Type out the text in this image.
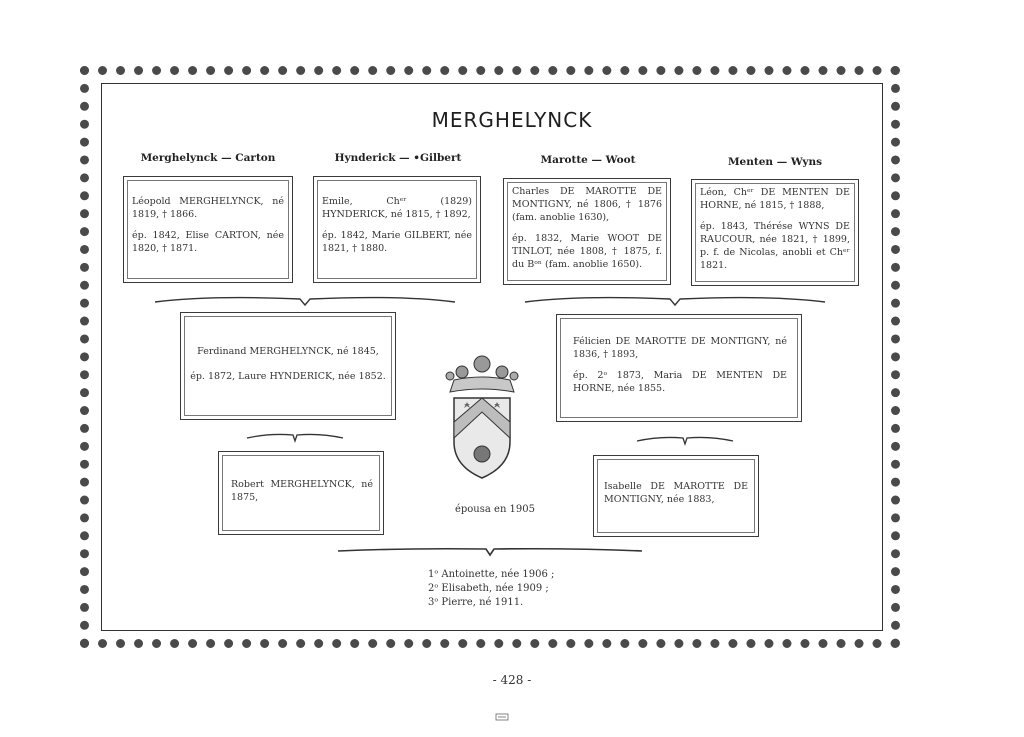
MERGHELYNCK
Merghelynck — Carton	Hynderick — •Gilbert	Marotte — Woot	Menten — Wyns

Léopold MERGHELYNCK, né 1819, † 1866.

ép. 1842, Elise CARTON, née 1820, † 1871.

Emile, Chᵉʳ (1829) HYNDERICK, né 1815, † 1892,

ép. 1842, Marie GILBERT, née 1821, † 1880.

Charles DE MAROTTE DE MONTIGNY, né 1806, † 1876 (fam. anoblie 1630),

ép. 1832, Marie WOOT DE TINLOT, née 1808, † 1875, f. du Bᵒⁿ (fam. anoblie 1650).

Léon, Chᵉʳ DE MENTEN DE HORNE, né 1815, † 1888,

ép. 1843, Thérése WYNS DE RAUCOUR, née 1821, † 1899, p. f. de Nicolas, anobli et Chᵉʳ 1821.

Ferdinand MERGHELYNCK, né 1845,

ép. 1872, Laure HYNDERICK, née 1852.

Félicien DE MAROTTE DE MONTIGNY, né 1836, † 1893,

ép. 2ᵒ 1873, Maria DE MENTEN DE HORNE, née 1855.

Robert MERGHELYNCK, né 1875,

Isabelle DE MAROTTE DE MONTIGNY, née 1883,

épousa en 1905
1ᵒ Antoinette, née 1906 ;
2ᵒ Elisabeth, née 1909 ;
3ᵒ Pierre, né 1911.
- 428 -
